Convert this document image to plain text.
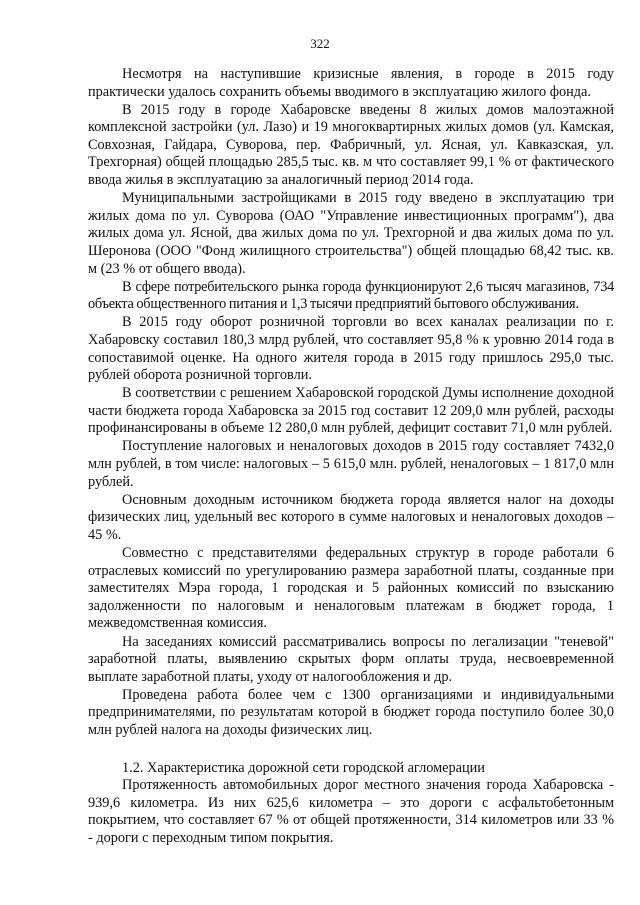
322

Несмотря на наступившие кризисные явления, в городе в 2015 году практически удалось сохранить объемы вводимого в эксплуатацию жилого фонда.

В 2015 году в городе Хабаровске введены 8 жилых домов малоэтажной комплексной застройки (ул. Лазо) и 19 многоквартирных жилых домов (ул. Камская, Совхозная, Гайдара, Суворова, пер. Фабричный, ул. Ясная, ул. Кавказская, ул. Трехгорная) общей площадью 285,5 тыс. кв. м что составляет 99,1 % от фактического ввода жилья в эксплуатацию за аналогичный период 2014 года.

Муниципальными застройщиками в 2015 году введено в эксплуатацию три жилых дома по ул. Суворова (ОАО "Управление инвестиционных программ"), два жилых дома ул. Ясной, два жилых дома по ул. Трехгорной и два жилых дома по ул. Шеронова (ООО "Фонд жилищного строительства") общей площадью 68,42 тыс. кв. м (23 % от общего ввода).

В сфере потребительского рынка города функционируют 2,6 тысяч магазинов, 734 объекта общественного питания и 1,3 тысячи предприятий бытового обслуживания.

В 2015 году оборот розничной торговли во всех каналах реализации по г. Хабаровску составил 180,3 млрд рублей, что составляет 95,8 % к уровню 2014 года в сопоставимой оценке. На одного жителя города в 2015 году пришлось 295,0 тыс. рублей оборота розничной торговли.

В соответствии с решением Хабаровской городской Думы исполнение доходной части бюджета города Хабаровска за 2015 год составит 12 209,0 млн рублей, расходы профинансированы в объеме 12 280,0 млн рублей, дефицит составит 71,0 млн рублей.

Поступление налоговых и неналоговых доходов в 2015 году составляет 7432,0 млн рублей, в том числе: налоговых – 5 615,0 млн. рублей, неналоговых – 1 817,0 млн рублей.

Основным доходным источником бюджета города является налог на доходы физических лиц, удельный вес которого в сумме налоговых и неналоговых доходов – 45 %.

Совместно с представителями федеральных структур в городе работали 6 отраслевых комиссий по урегулированию размера заработной платы, созданные при заместителях Мэра города, 1 городская и 5 районных комиссий по взысканию задолженности по налоговым и неналоговым платежам в бюджет города, 1 межведомственная комиссия.

На заседаниях комиссий рассматривались вопросы по легализации "теневой" заработной платы, выявлению скрытых форм оплаты труда, несвоевременной выплате заработной платы, уходу от налогообложения и др.

Проведена работа более чем с 1300 организациями и индивидуальными предпринимателями, по результатам которой в бюджет города поступило более 30,0 млн рублей налога на доходы физических лиц.

1.2. Характеристика дорожной сети городской агломерации

Протяженность автомобильных дорог местного значения города Хабаровска - 939,6 километра. Из них 625,6 километра – это дороги с асфальтобетонным покрытием, что составляет 67 % от общей протяженности, 314 километров или 33 % - дороги с переходным типом покрытия.
